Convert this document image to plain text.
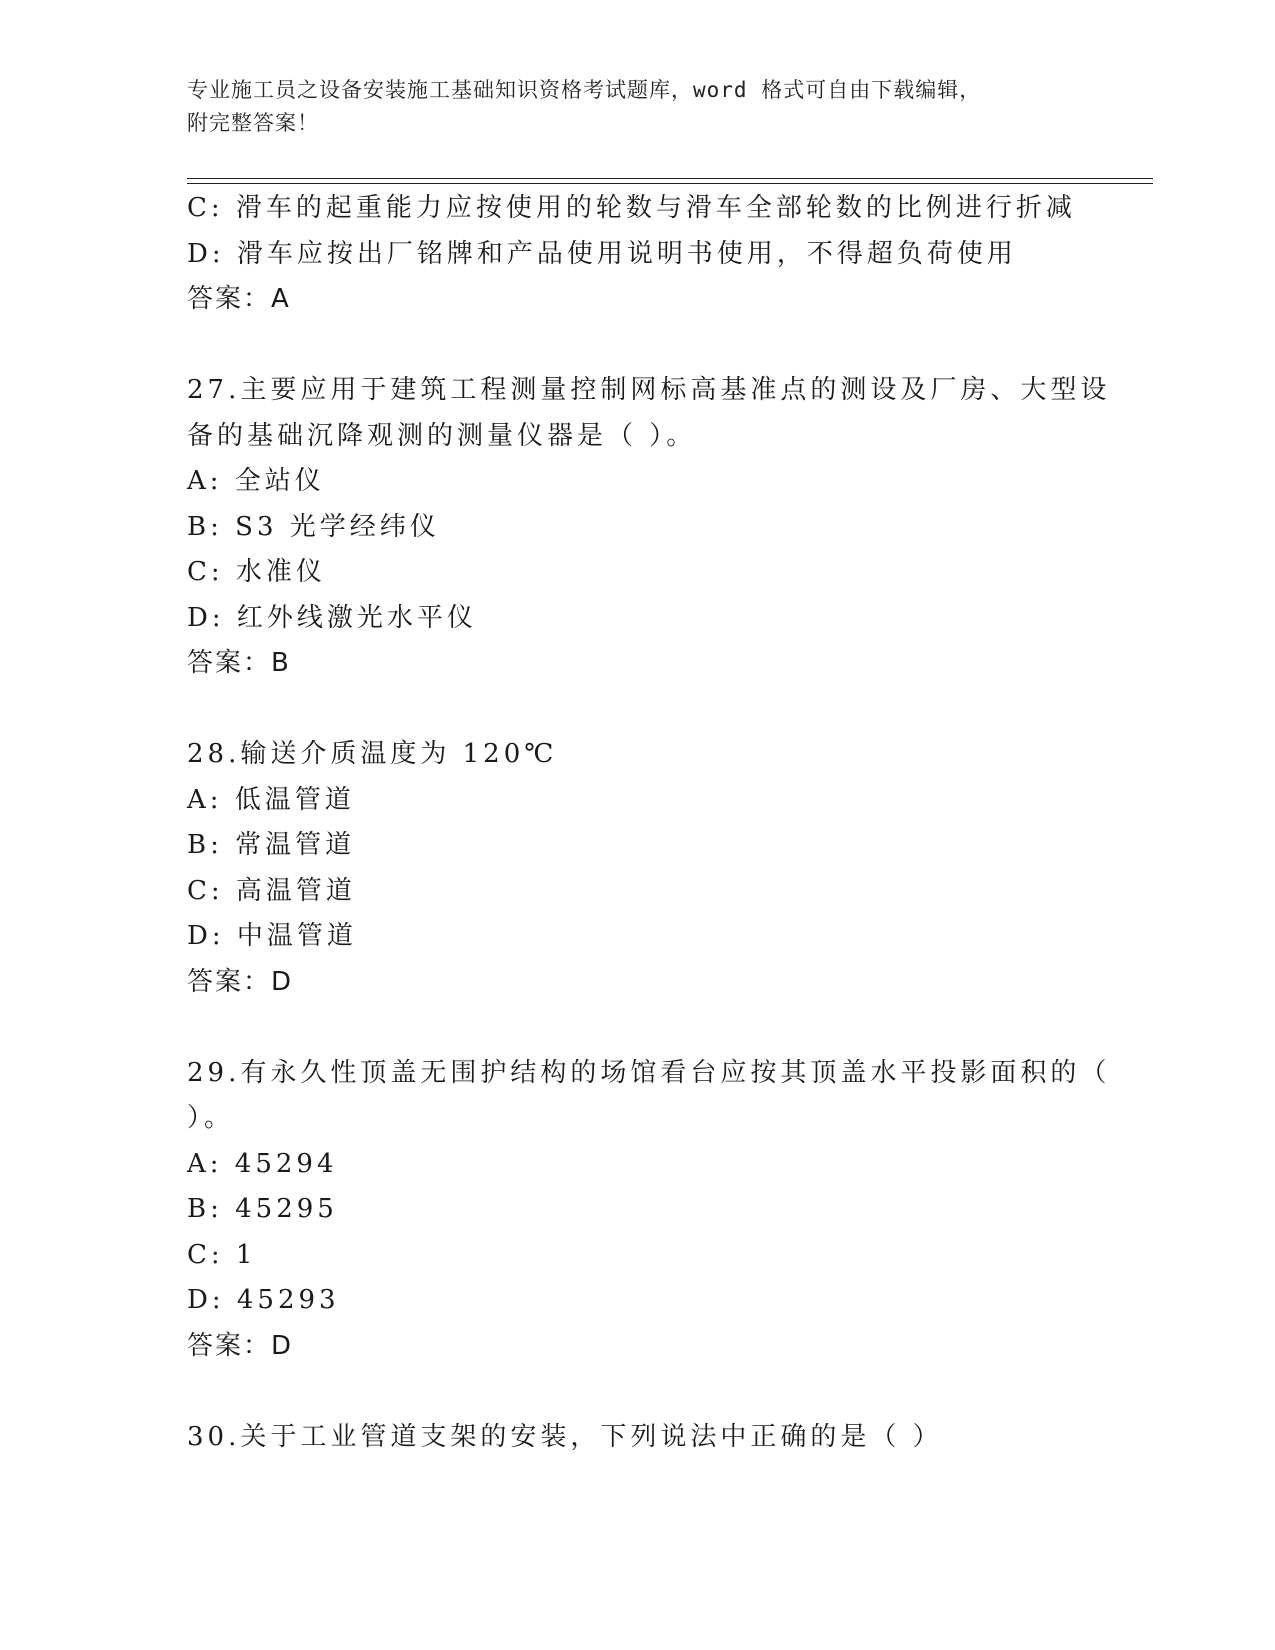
专业施工员之设备安装施工基础知识资格考试题库，word 格式可自由下载编辑，
附完整答案！
C: 滑车的起重能力应按使用的轮数与滑车全部轮数的比例进行折减
D: 滑车应按出厂铭牌和产品使用说明书使用，不得超负荷使用
答案：A
27.主要应用于建筑工程测量控制网标高基准点的测设及厂房、大型设
备的基础沉降观测的测量仪器是（ ）。
A: 全站仪
B: S3 光学经纬仪
C: 水准仪
D: 红外线激光水平仪
答案：B
28.输送介质温度为 120℃
A: 低温管道
B: 常温管道
C: 高温管道
D: 中温管道
答案：D
29.有永久性顶盖无围护结构的场馆看台应按其顶盖水平投影面积的（
）。
A: 45294
B: 45295
C: 1
D: 45293
答案：D
30.关于工业管道支架的安装，下列说法中正确的是（ ）
